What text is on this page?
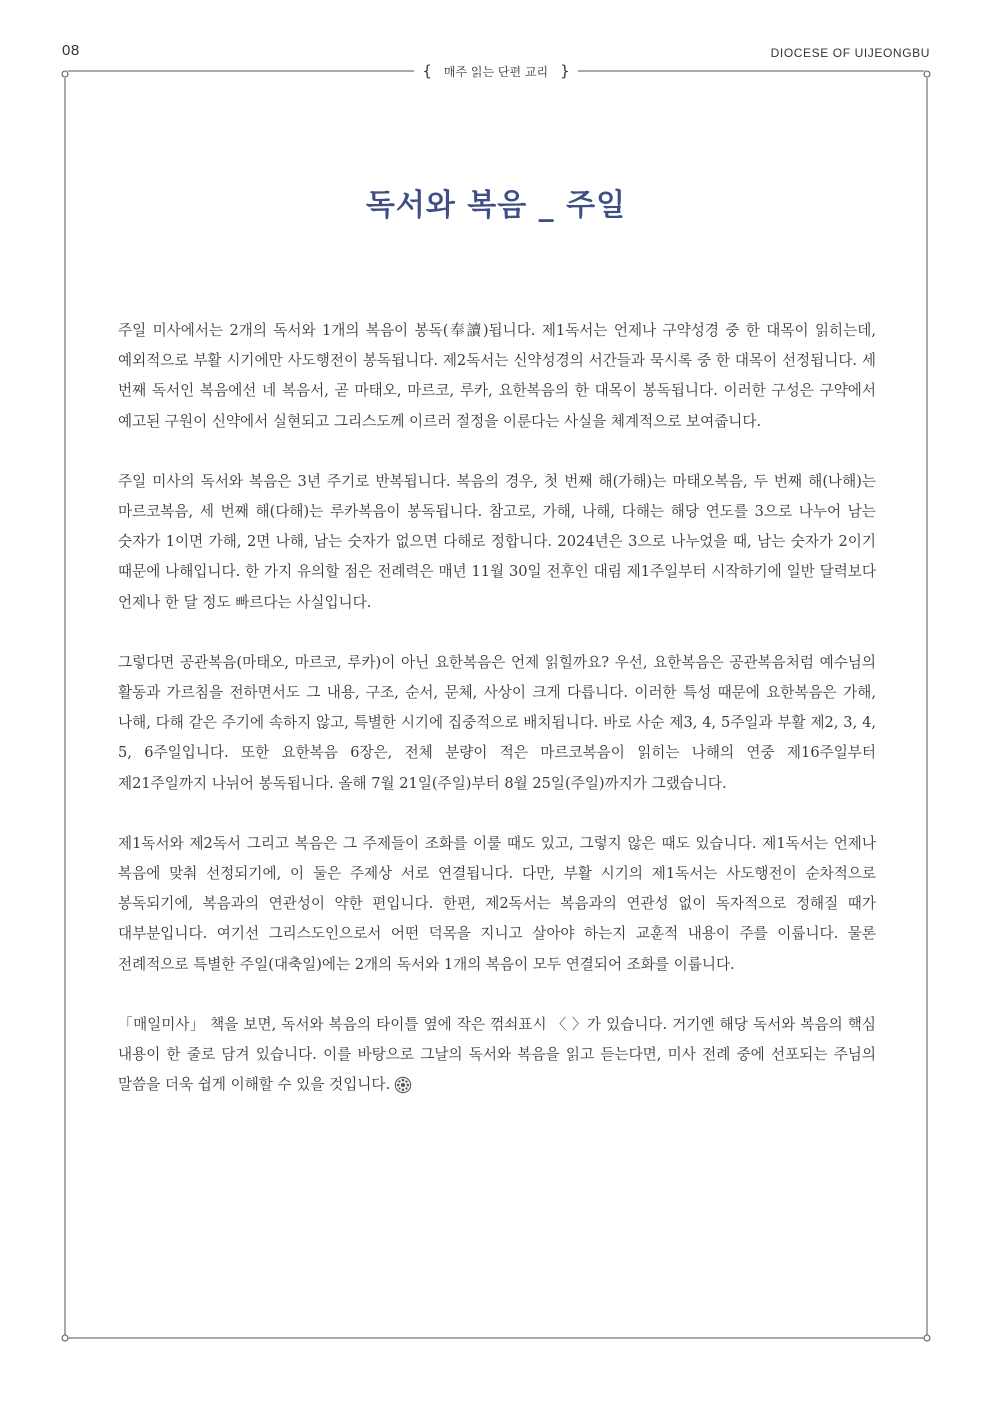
08	DIOCESE OF UIJEONGBU
{ 매주 읽는 단편 교리 }
독서와 복음 _ 주일

주일 미사에서는 2개의 독서와 1개의 복음이 봉독(奉讀)됩니다. 제1독서는 언제나 구약성경 중 한 대목이 읽히는데, 예외적으로 부활 시기에만 사도행전이 봉독됩니다. 제2독서는 신약성경의 서간들과 묵시록 중 한 대목이 선정됩니다. 세 번째 독서인 복음에선 네 복음서, 곧 마태오, 마르코, 루카, 요한복음의 한 대목이 봉독됩니다. 이러한 구성은 구약에서 예고된 구원이 신약에서 실현되고 그리스도께 이르러 절정을 이룬다는 사실을 체계적으로 보여줍니다.

주일 미사의 독서와 복음은 3년 주기로 반복됩니다. 복음의 경우, 첫 번째 해(가해)는 마태오복음, 두 번째 해(나해)는 마르코복음, 세 번째 해(다해)는 루카복음이 봉독됩니다. 참고로, 가해, 나해, 다해는 해당 연도를 3으로 나누어 남는 숫자가 1이면 가해, 2면 나해, 남는 숫자가 없으면 다해로 정합니다. 2024년은 3으로 나누었을 때, 남는 숫자가 2이기 때문에 나해입니다. 한 가지 유의할 점은 전례력은 매년 11월 30일 전후인 대림 제1주일부터 시작하기에 일반 달력보다 언제나 한 달 정도 빠르다는 사실입니다.

그렇다면 공관복음(마태오, 마르코, 루카)이 아닌 요한복음은 언제 읽힐까요? 우선, 요한복음은 공관복음처럼 예수님의 활동과 가르침을 전하면서도 그 내용, 구조, 순서, 문체, 사상이 크게 다릅니다. 이러한 특성 때문에 요한복음은 가해, 나해, 다해 같은 주기에 속하지 않고, 특별한 시기에 집중적으로 배치됩니다. 바로 사순 제3, 4, 5주일과 부활 제2, 3, 4, 5, 6주일입니다. 또한 요한복음 6장은, 전체 분량이 적은 마르코복음이 읽히는 나해의 연중 제16주일부터 제21주일까지 나뉘어 봉독됩니다. 올해 7월 21일(주일)부터 8월 25일(주일)까지가 그랬습니다.

제1독서와 제2독서 그리고 복음은 그 주제들이 조화를 이룰 때도 있고, 그렇지 않은 때도 있습니다. 제1독서는 언제나 복음에 맞춰 선정되기에, 이 둘은 주제상 서로 연결됩니다. 다만, 부활 시기의 제1독서는 사도행전이 순차적으로 봉독되기에, 복음과의 연관성이 약한 편입니다. 한편, 제2독서는 복음과의 연관성 없이 독자적으로 정해질 때가 대부분입니다. 여기선 그리스도인으로서 어떤 덕목을 지니고 살아야 하는지 교훈적 내용이 주를 이룹니다. 물론 전례적으로 특별한 주일(대축일)에는 2개의 독서와 1개의 복음이 모두 연결되어 조화를 이룹니다.

「매일미사」 책을 보면, 독서와 복음의 타이틀 옆에 작은 꺾쇠표시 〈 〉가 있습니다. 거기엔 해당 독서와 복음의 핵심 내용이 한 줄로 담겨 있습니다. 이를 바탕으로 그날의 독서와 복음을 읽고 듣는다면, 미사 전례 중에 선포되는 주님의 말씀을 더욱 쉽게 이해할 수 있을 것입니다.
